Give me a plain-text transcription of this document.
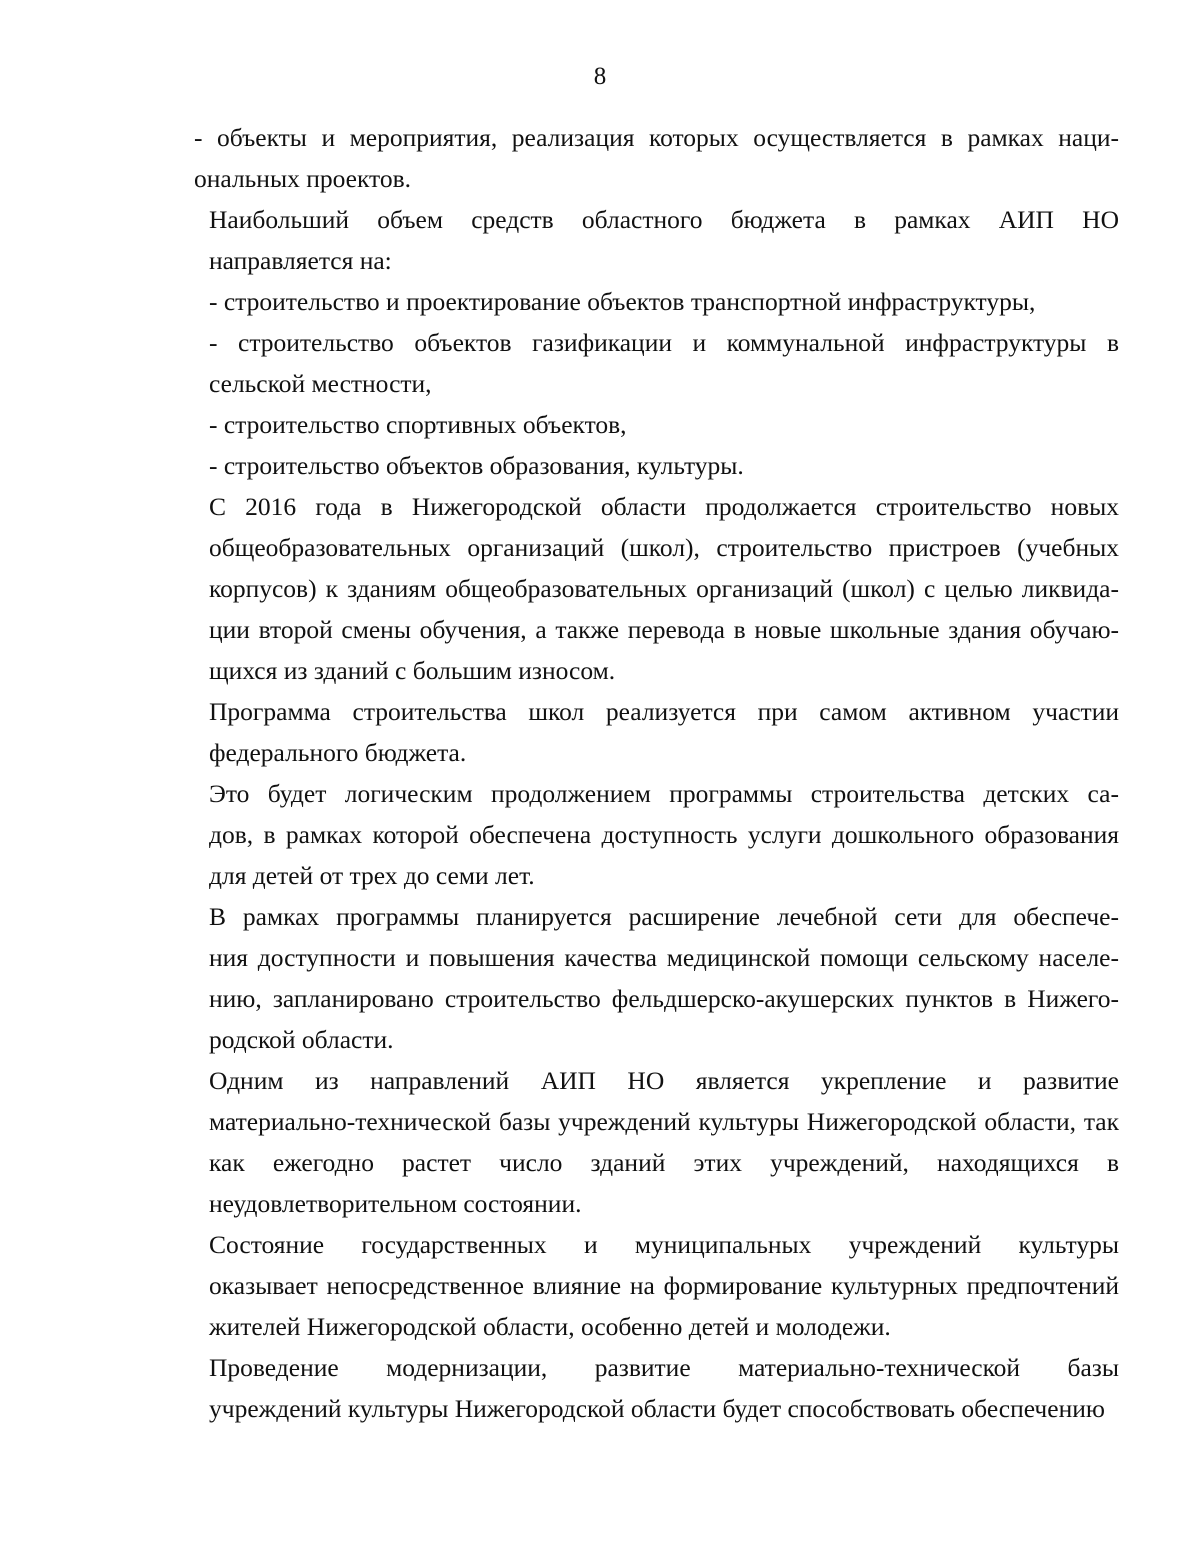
8

- объекты и мероприятия, реализация которых осуществляется в рамках наци-
ональных проектов.

Наибольший объем средств областного бюджета в рамках АИП НО
направляется на:

- строительство и проектирование объектов транспортной инфраструктуры,

- строительство объектов газификации и коммунальной инфраструктуры в
сельской местности,

- строительство спортивных объектов,

- строительство объектов образования, культуры.

С 2016 года в Нижегородской области продолжается строительство новых
общеобразовательных организаций (школ), строительство пристроев (учебных
корпусов) к зданиям общеобразовательных организаций (школ) с целью ликвида-
ции второй смены обучения, а также перевода в новые школьные здания обучаю-
щихся из зданий с большим износом.

Программа строительства школ реализуется при самом активном участии
федерального бюджета.

Это будет логическим продолжением программы строительства детских са-
дов, в рамках которой обеспечена доступность услуги дошкольного образования
для детей от трех до семи лет.

В рамках программы планируется расширение лечебной сети для обеспече-
ния доступности и повышения качества медицинской помощи сельскому населе-
нию, запланировано строительство фельдшерско-акушерских пунктов в Нижего-
родской области.

Одним из направлений АИП НО является укрепление и развитие
материально-технической базы учреждений культуры Нижегородской области, так
как ежегодно растет число зданий этих учреждений, находящихся в
неудовлетворительном состоянии.

Состояние государственных и муниципальных учреждений культуры
оказывает непосредственное влияние на формирование культурных предпочтений
жителей Нижегородской области, особенно детей и молодежи.

Проведение модернизации, развитие материально-технической базы
учреждений культуры Нижегородской области будет способствовать обеспечению
